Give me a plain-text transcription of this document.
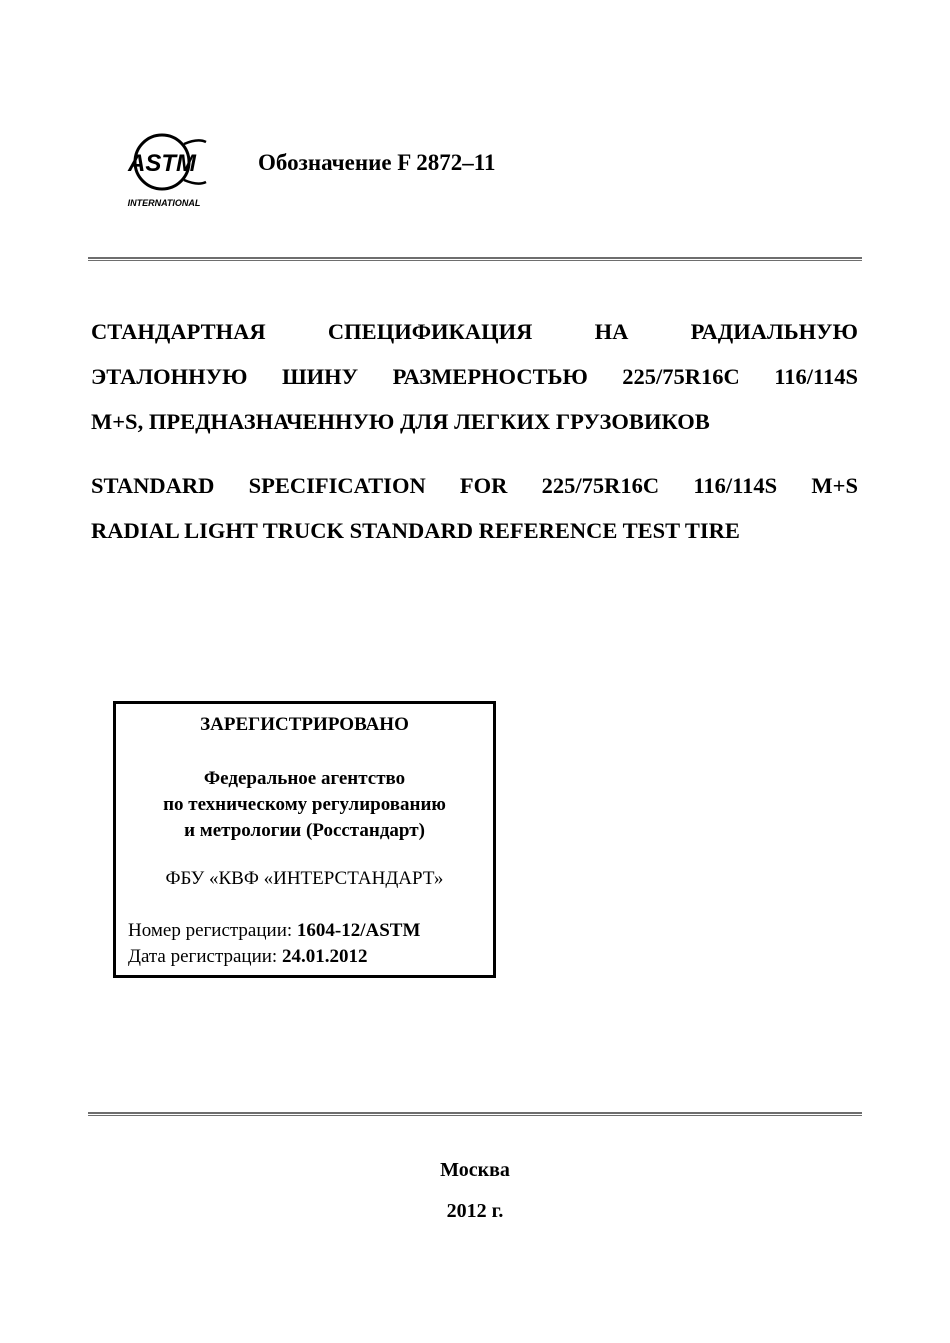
ASTM
INTERNATIONAL
Обозначение F 2872–11
СТАНДАРТНАЯ СПЕЦИФИКАЦИЯ НА РАДИАЛЬНУЮ
ЭТАЛОННУЮ ШИНУ РАЗМЕРНОСТЬЮ 225/75R16C 116/114S
M+S, ПРЕДНАЗНАЧЕННУЮ ДЛЯ ЛЕГКИХ ГРУЗОВИКОВ
STANDARD SPECIFICATION FOR 225/75R16C 116/114S M+S
RADIAL LIGHT TRUCK STANDARD REFERENCE TEST TIRE
ЗАРЕГИСТРИРОВАНО
Федеральное агентство
по техническому регулированию
и метрологии (Росстандарт)
ФБУ «КВФ «ИНТЕРСТАНДАРТ»
Номер регистрации: 1604-12/ASTM
Дата регистрации: 24.01.2012
Москва
2012 г.
